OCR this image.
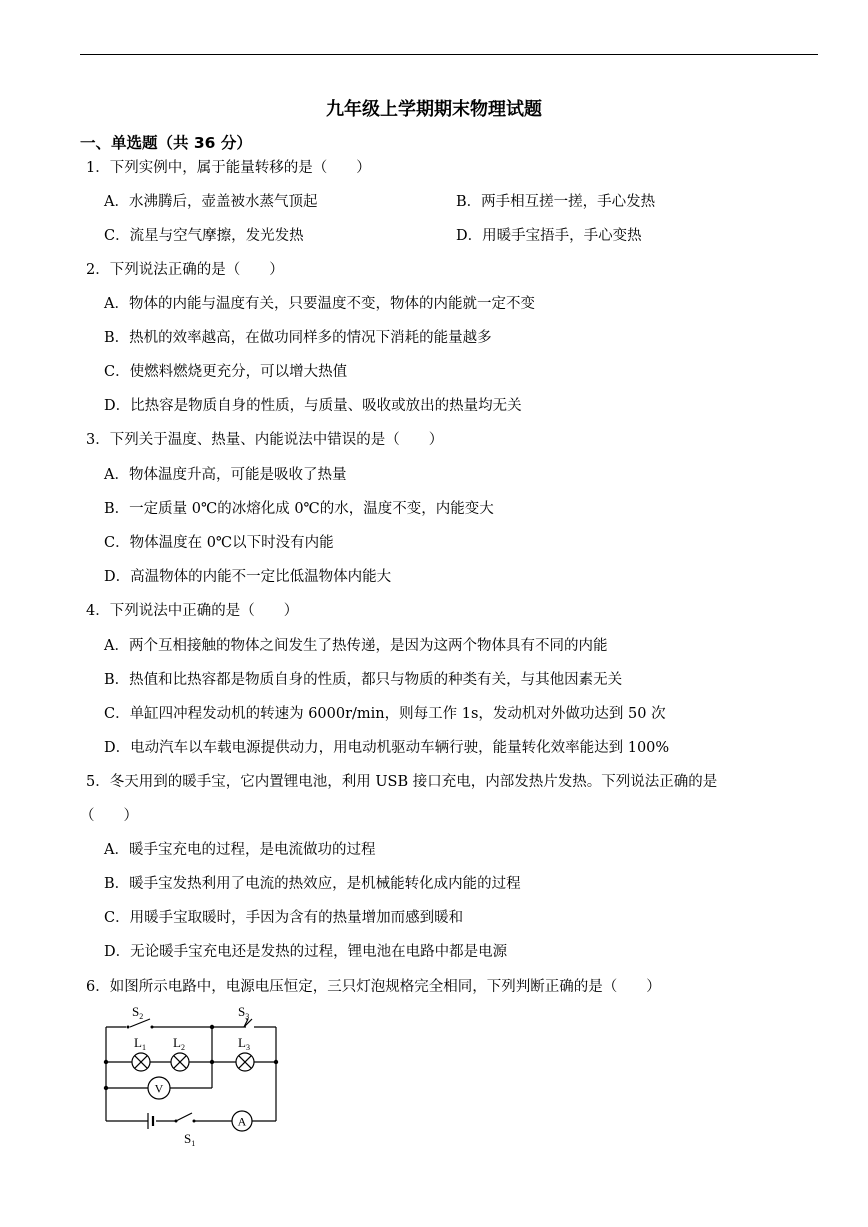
九年级上学期期末物理试题
一、单选题（共 36 分）
1．下列实例中，属于能量转移的是（　　）
A．水沸腾后，壶盖被水蒸气顶起	B．两手相互搓一搓，手心发热
C．流星与空气摩擦，发光发热	D．用暖手宝捂手，手心变热
2．下列说法正确的是（　　）
A．物体的内能与温度有关，只要温度不变，物体的内能就一定不变
B．热机的效率越高，在做功同样多的情况下消耗的能量越多
C．使燃料燃烧更充分，可以增大热值
D．比热容是物质自身的性质，与质量、吸收或放出的热量均无关
3．下列关于温度、热量、内能说法中错误的是（　　）
A．物体温度升高，可能是吸收了热量
B．一定质量 0℃的冰熔化成 0℃的水，温度不变，内能变大
C．物体温度在 0℃以下时没有内能
D．高温物体的内能不一定比低温物体内能大
4．下列说法中正确的是（　　）
A．两个互相接触的物体之间发生了热传递，是因为这两个物体具有不同的内能
B．热值和比热容都是物质自身的性质，都只与物质的种类有关，与其他因素无关
C．单缸四冲程发动机的转速为 6000r/min，则每工作 1s，发动机对外做功达到 50 次
D．电动汽车以车载电源提供动力，用电动机驱动车辆行驶，能量转化效率能达到 100%
5．冬天用到的暖手宝，它内置锂电池，利用 USB 接口充电，内部发热片发热。下列说法正确的是
（　　）
A．暖手宝充电的过程，是电流做功的过程
B．暖手宝发热利用了电流的热效应，是机械能转化成内能的过程
C．用暖手宝取暖时，手因为含有的热量增加而感到暖和
D．无论暖手宝充电还是发热的过程，锂电池在电路中都是电源
6．如图所示电路中，电源电压恒定，三只灯泡规格完全相同，下列判断正确的是（　　）
$S_2$	$S_3$
$S_1$
$L_1$ $L_2$	$L_3$
V
A
